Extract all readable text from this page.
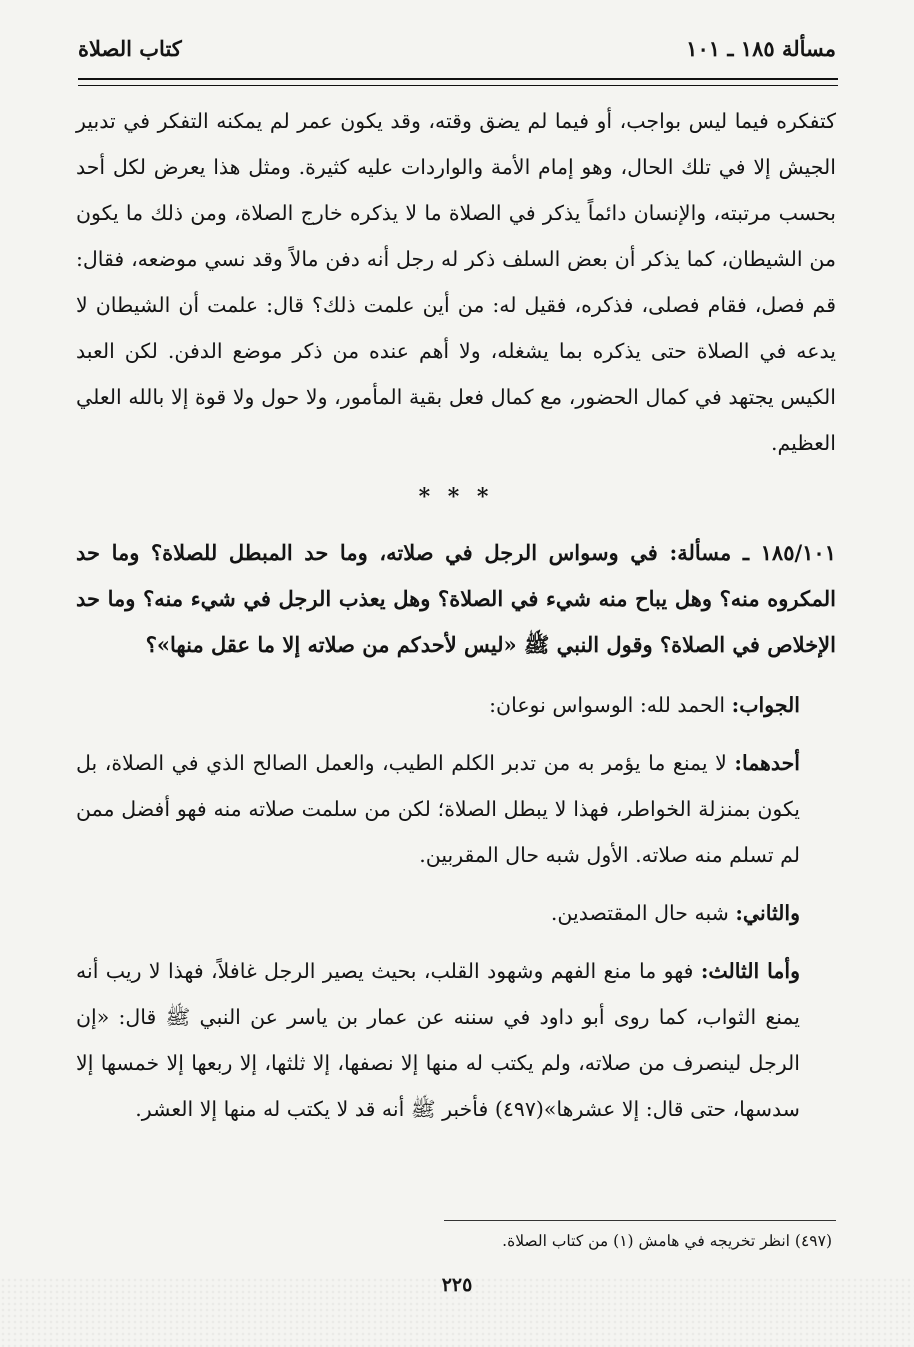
مسألة ١٨٥ ـ ١٠١
كتاب الصلاة

كتفكره فيما ليس بواجب، أو فيما لم يضق وقته، وقد يكون عمر لم يمكنه التفكر في تدبير الجيش إلا في تلك الحال، وهو إمام الأمة والواردات عليه كثيرة. ومثل هذا يعرض لكل أحد بحسب مرتبته، والإنسان دائماً يذكر في الصلاة ما لا يذكره خارج الصلاة، ومن ذلك ما يكون من الشيطان، كما يذكر أن بعض السلف ذكر له رجل أنه دفن مالاً وقد نسي موضعه، فقال: قم فصل، فقام فصلى، فذكره، فقيل له: من أين علمت ذلك؟ قال: علمت أن الشيطان لا يدعه في الصلاة حتى يذكره بما يشغله، ولا أهم عنده من ذكر موضع الدفن. لكن العبد الكيس يجتهد في كمال الحضور، مع كمال فعل بقية المأمور، ولا حول ولا قوة إلا بالله العلي العظيم.

* * *

١٨٥/١٠١ ـ مسألة: في وسواس الرجل في صلاته، وما حد المبطل للصلاة؟ وما حد المكروه منه؟ وهل يباح منه شيء في الصلاة؟ وهل يعذب الرجل في شيء منه؟ وما حد الإخلاص في الصلاة؟ وقول النبي ﷺ «ليس لأحدكم من صلاته إلا ما عقل منها»؟

الجواب: الحمد لله: الوسواس نوعان:

أحدهما: لا يمنع ما يؤمر به من تدبر الكلم الطيب، والعمل الصالح الذي في الصلاة، بل يكون بمنزلة الخواطر، فهذا لا يبطل الصلاة؛ لكن من سلمت صلاته منه فهو أفضل ممن لم تسلم منه صلاته. الأول شبه حال المقربين.

والثاني: شبه حال المقتصدين.

وأما الثالث: فهو ما منع الفهم وشهود القلب، بحيث يصير الرجل غافلاً، فهذا لا ريب أنه يمنع الثواب، كما روى أبو داود في سننه عن عمار بن ياسر عن النبي ﷺ قال: «إن الرجل لينصرف من صلاته، ولم يكتب له منها إلا نصفها، إلا ثلثها، إلا ربعها إلا خمسها إلا سدسها، حتى قال: إلا عشرها»(٤٩٧) فأخبر ﷺ أنه قد لا يكتب له منها إلا العشر.

(٤٩٧) انظر تخريجه في هامش (١) من كتاب الصلاة.
٢٢٥
